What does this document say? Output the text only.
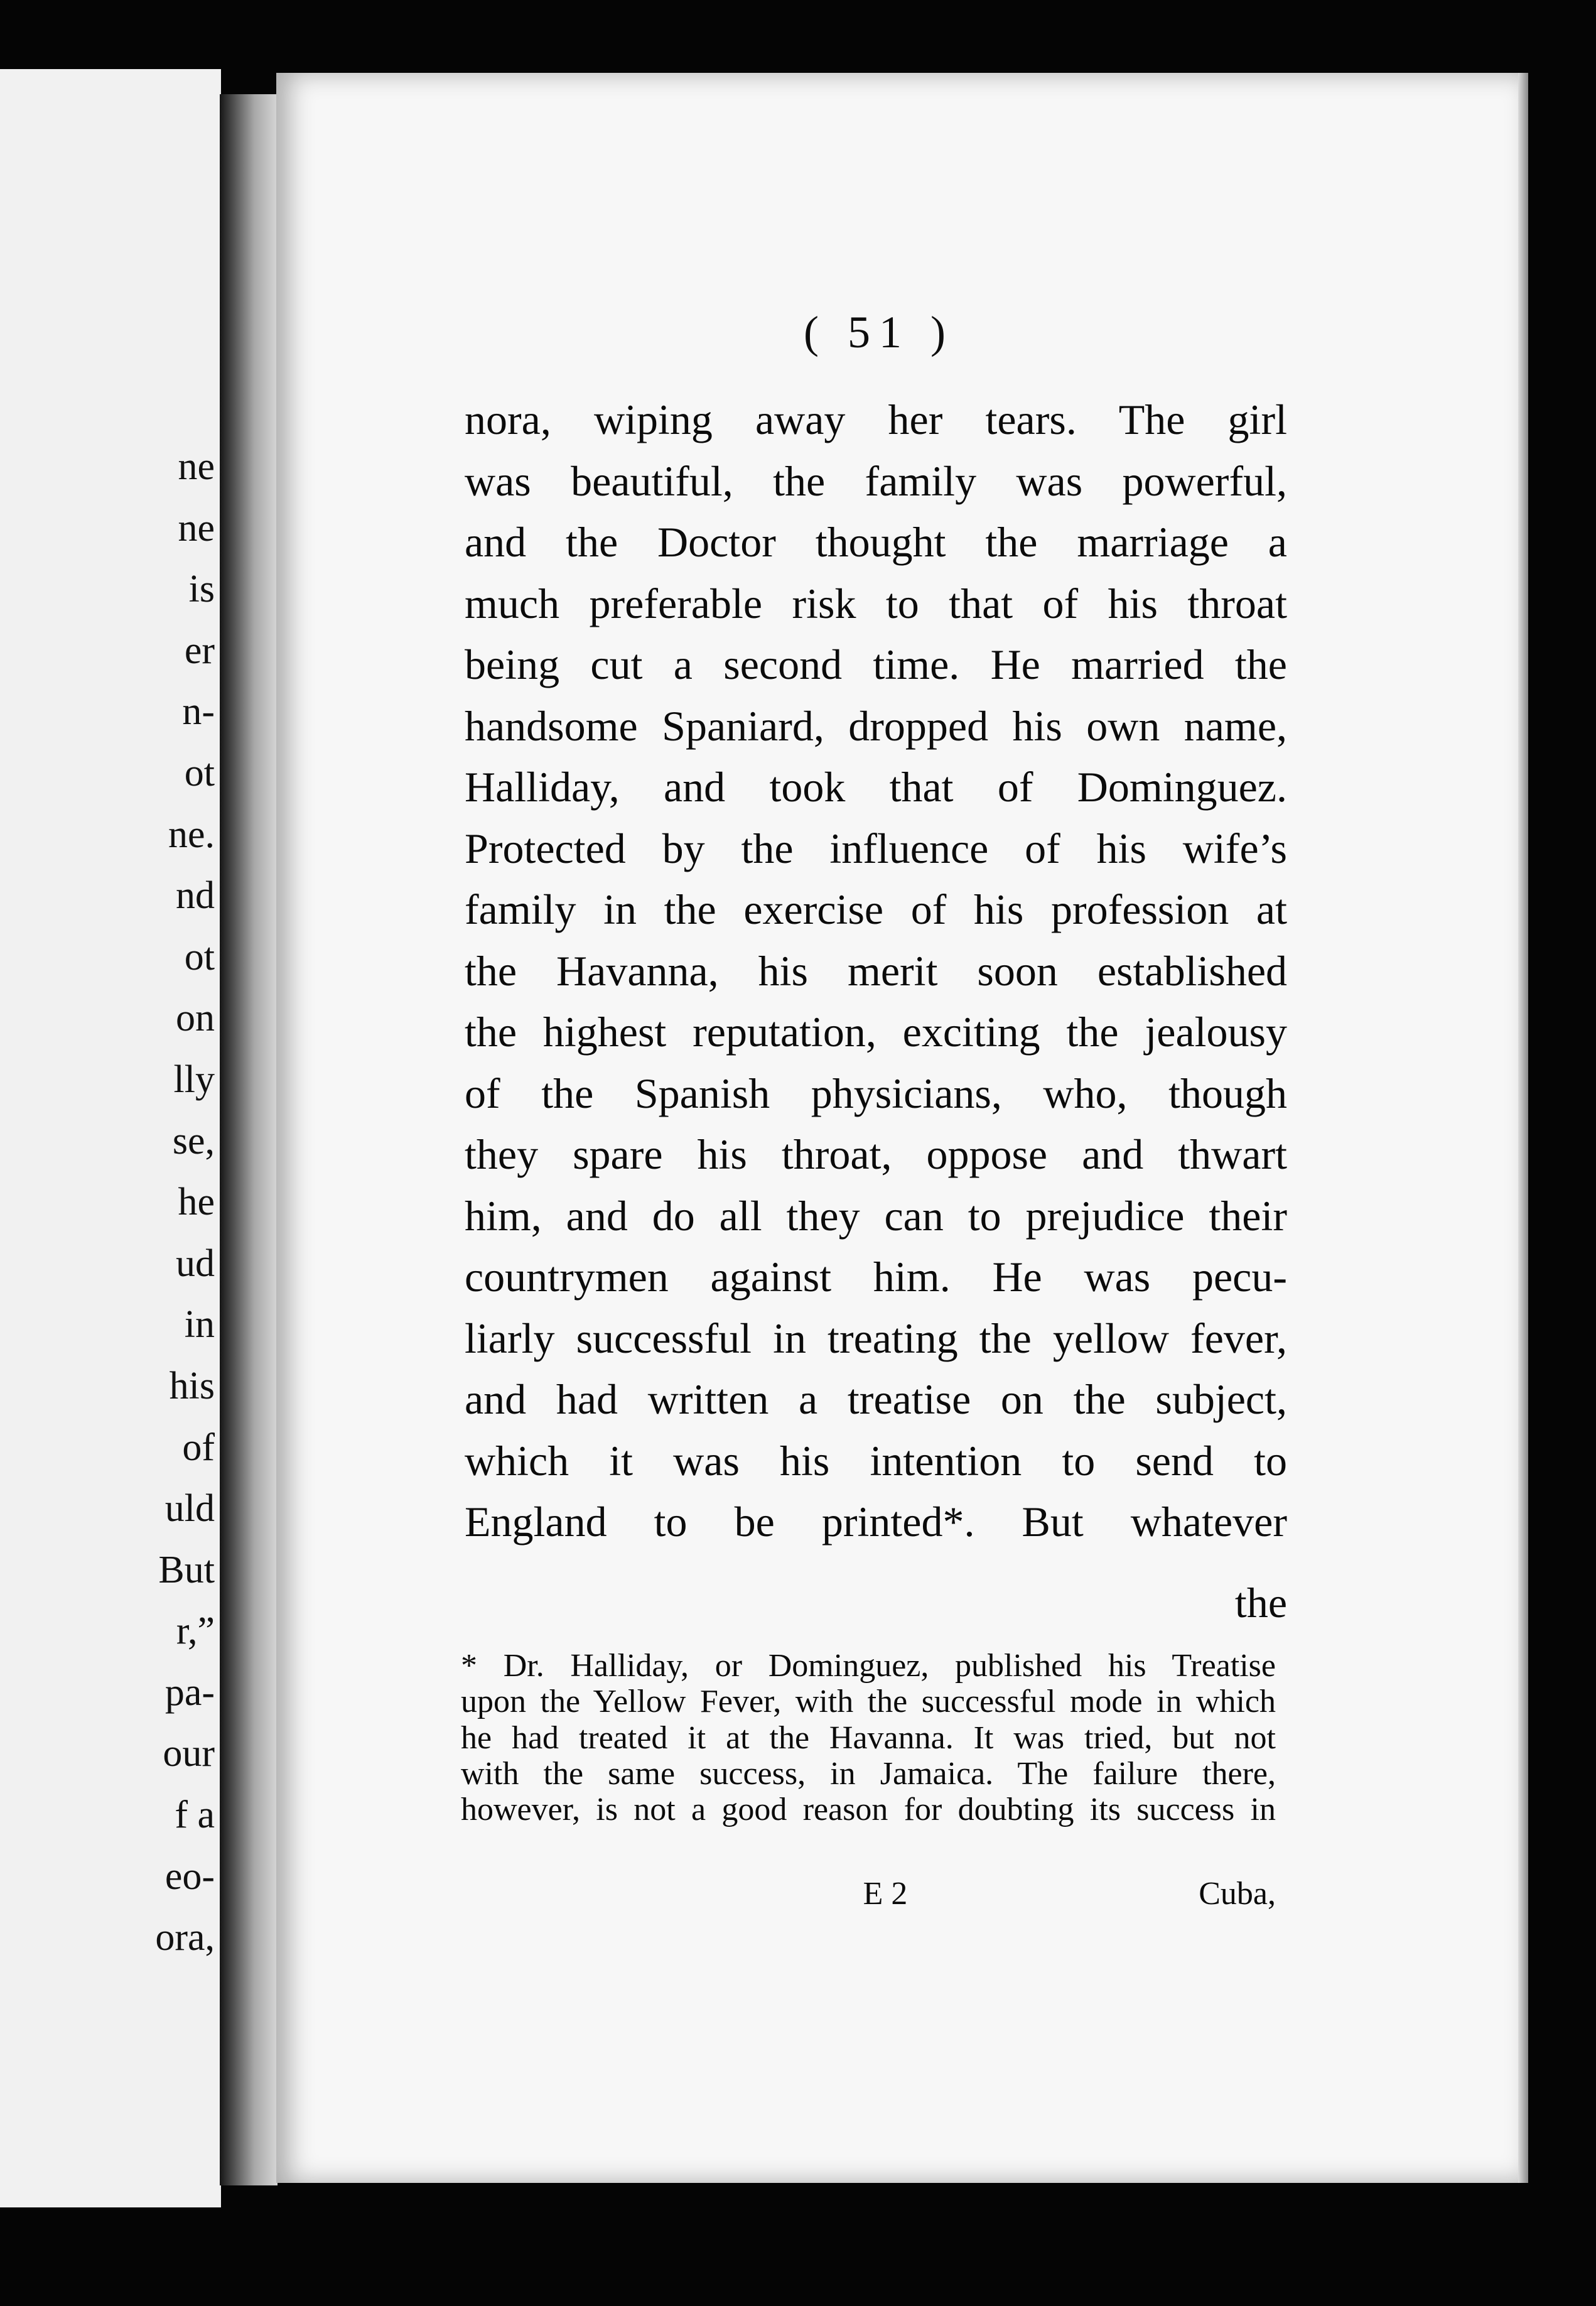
ne
ne
is
er
n-
ot
ne.
nd
ot
on
lly
se,
he
ud
in
his
of
uld
But
r,”
pa-
our
f a
eo-
ora,
( 51 )
nora, wiping away her tears. The girl
was beautiful, the family was powerful,
and the Doctor thought the marriage a
much preferable risk to that of his throat
being cut a second time. He married the
handsome Spaniard, dropped his own name,
Halliday, and took that of Dominguez.
Protected by the influence of his wife’s
family in the exercise of his profession at
the Havanna, his merit soon established
the highest reputation, exciting the jealousy
of the Spanish physicians, who, though
they spare his throat, oppose and thwart
him, and do all they can to prejudice their
countrymen against him. He was pecu-
liarly successful in treating the yellow fever,
and had written a treatise on the subject,
which it was his intention to send to
England to be printed*. But whatever
the
* Dr. Halliday, or Dominguez, published his Treatise
upon the Yellow Fever, with the successful mode in which
he had treated it at the Havanna. It was tried, but not
with the same success, in Jamaica. The failure there,
however, is not a good reason for doubting its success in
E 2	Cuba,
